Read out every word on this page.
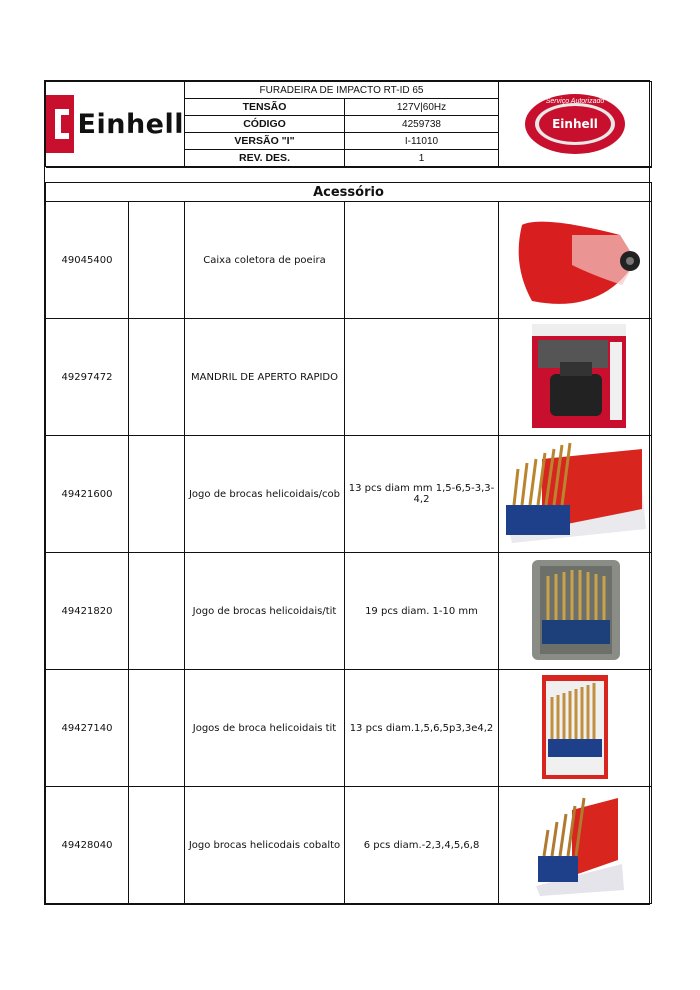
Einhell	FURADEIRA DE IMPACTO RT-ID 65		Einhell
Serviço Autorizado

	TENSÃO	127V|60Hz	
	CÓDIGO	4259738	
	VERSÃO "I"	I-11010	
	REV. DES.	1	

Acessório				
49045400		Caixa coletora de poeira		
49297472		MANDRIL DE APERTO RAPIDO		
49421600		Jogo de brocas helicoidais/cob	13 pcs diam mm 1,5-6,5-3,3-4,2	
49421820		Jogo de brocas helicoidais/tit	19 pcs diam. 1-10 mm	
49427140		Jogos de broca helicoidais tit	13 pcs diam.1,5,6,5p3,3e4,2	
49428040		Jogo brocas helicodais cobalto	6 pcs diam.-2,3,4,5,6,8	
